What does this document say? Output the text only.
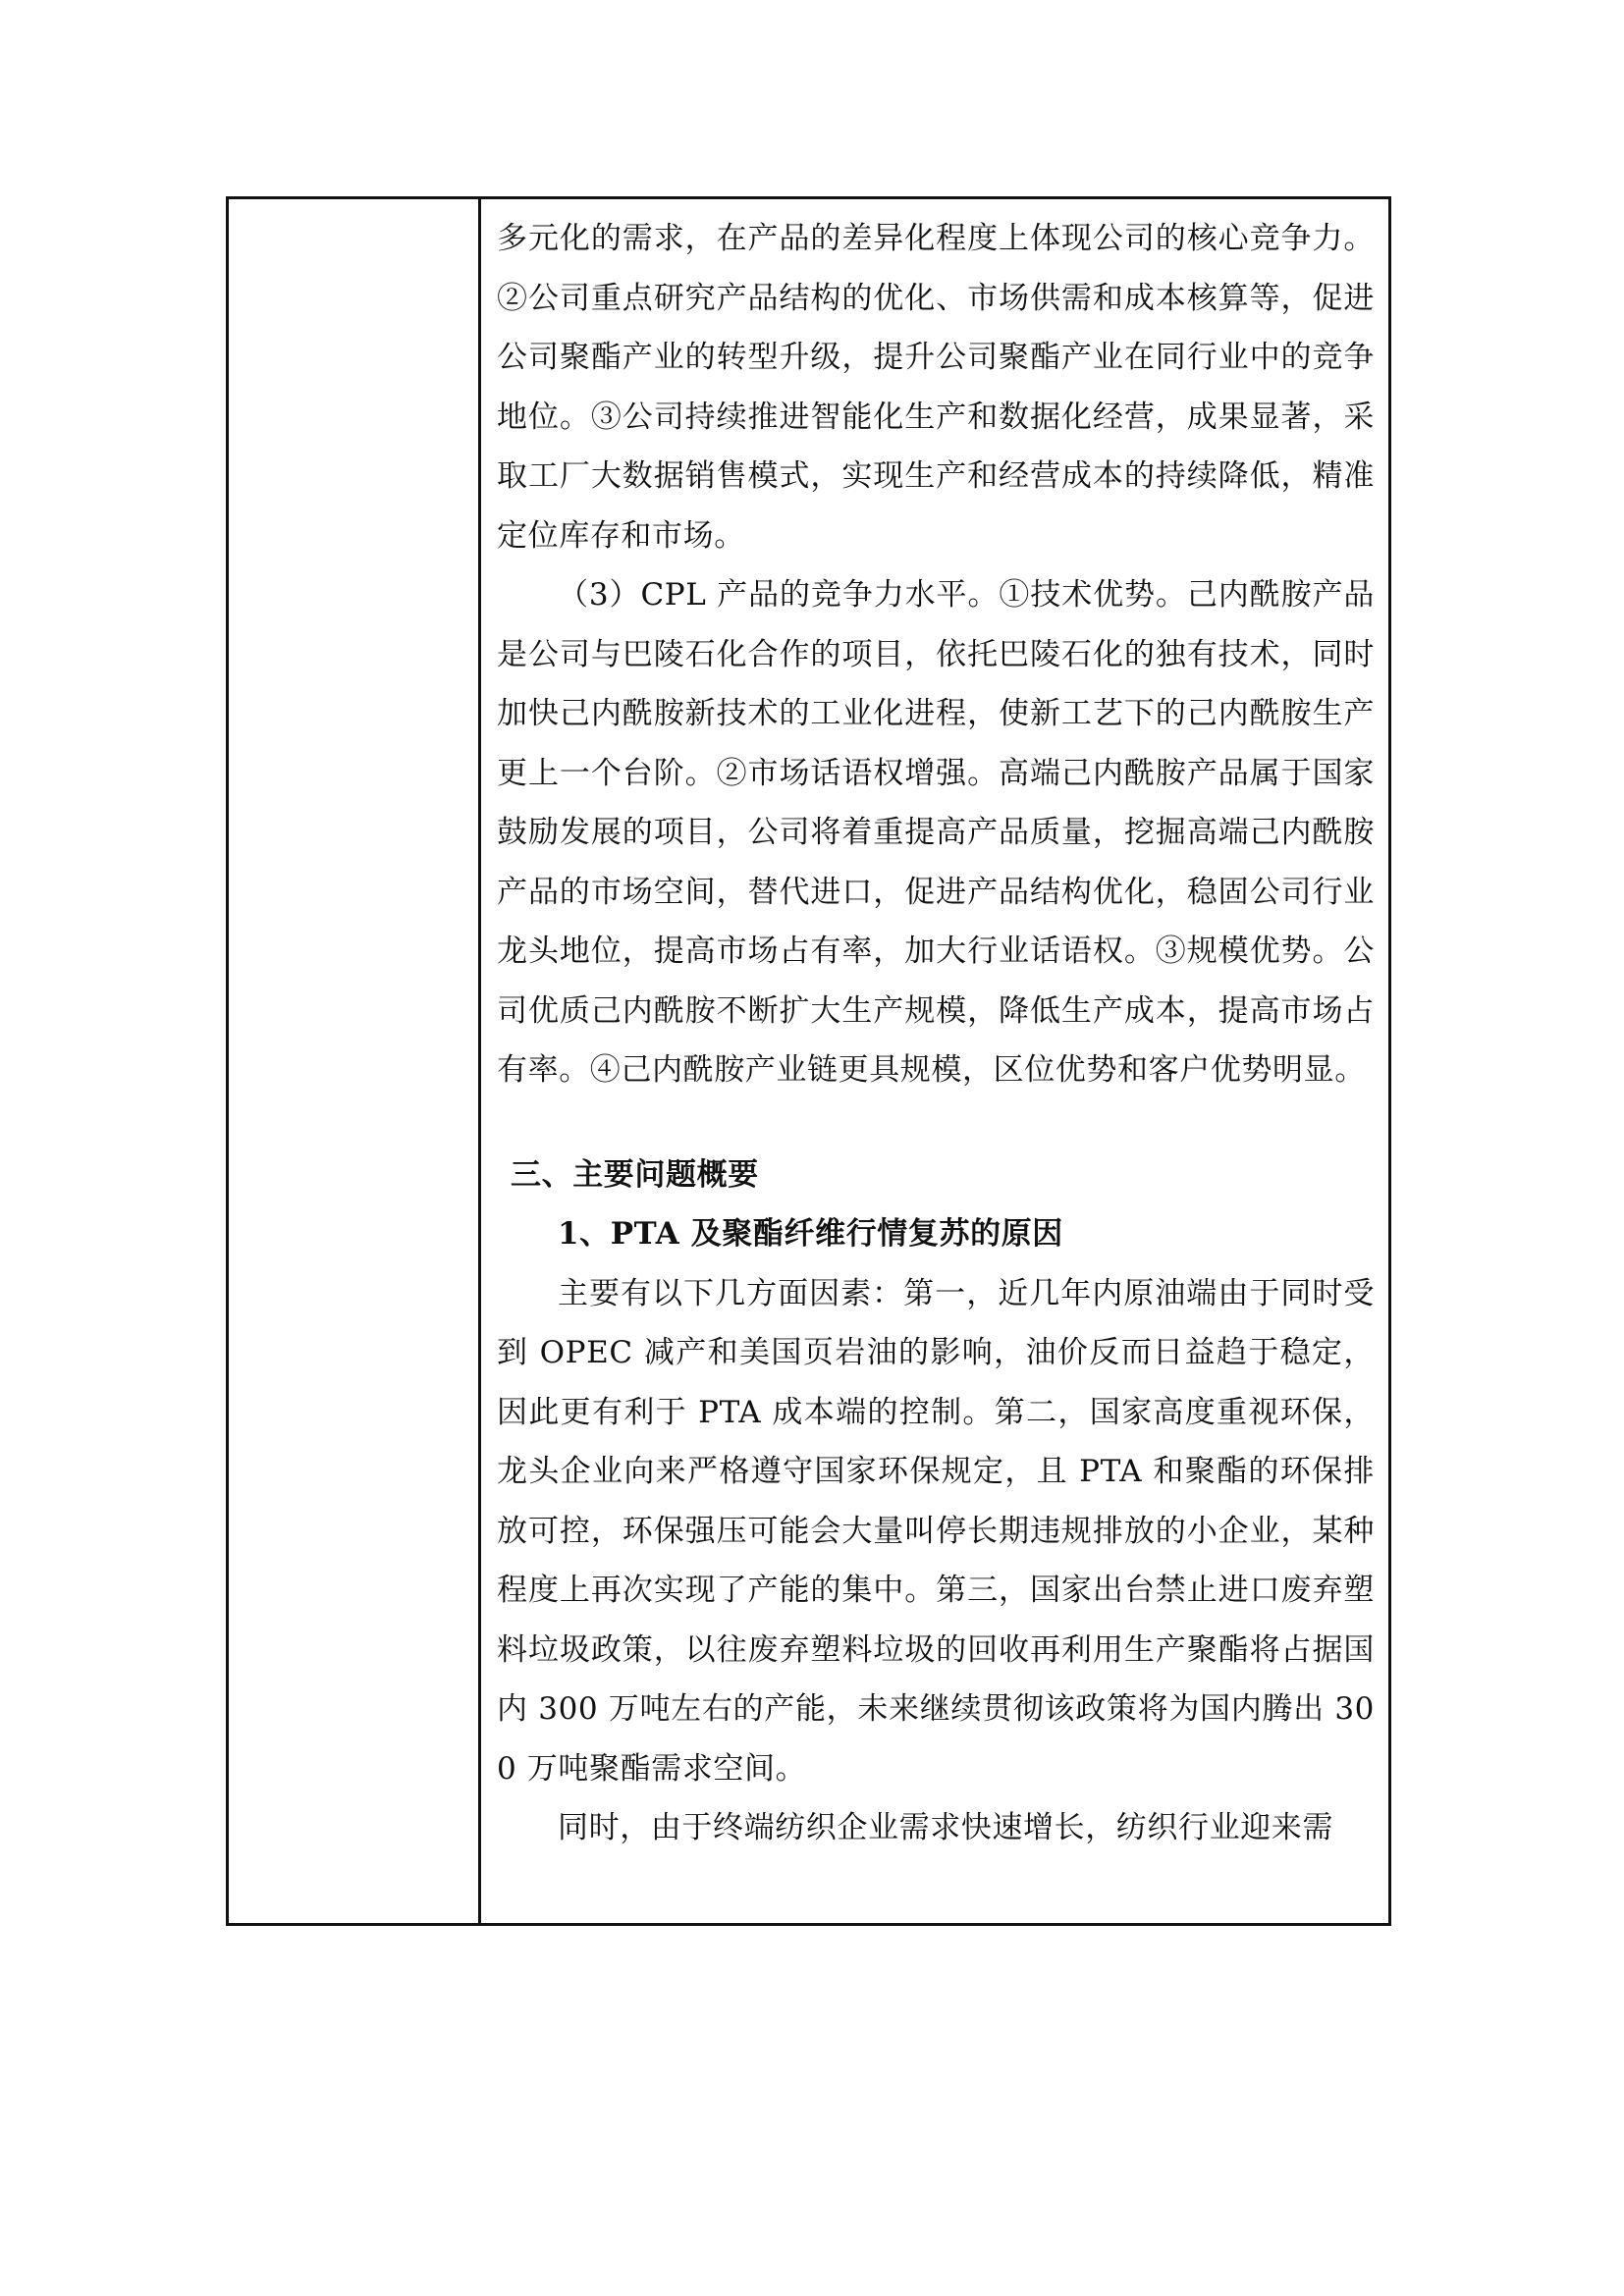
多元化的需求，在产品的差异化程度上体现公司的核心竞争力。②公司重点研究产品结构的优化、市场供需和成本核算等，促进公司聚酯产业的转型升级，提升公司聚酯产业在同行业中的竞争地位。③公司持续推进智能化生产和数据化经营，成果显著，采取工厂大数据销售模式，实现生产和经营成本的持续降低，精准定位库存和市场。

（3）CPL 产品的竞争力水平。①技术优势。己内酰胺产品是公司与巴陵石化合作的项目，依托巴陵石化的独有技术，同时加快己内酰胺新技术的工业化进程，使新工艺下的己内酰胺生产更上一个台阶。②市场话语权增强。高端己内酰胺产品属于国家鼓励发展的项目，公司将着重提高产品质量，挖掘高端己内酰胺产品的市场空间，替代进口，促进产品结构优化，稳固公司行业龙头地位，提高市场占有率，加大行业话语权。③规模优势。公司优质己内酰胺不断扩大生产规模，降低生产成本，提高市场占有率。④己内酰胺产业链更具规模，区位优势和客户优势明显。

三、主要问题概要

1、PTA 及聚酯纤维行情复苏的原因

主要有以下几方面因素：第一，近几年内原油端由于同时受到 OPEC 减产和美国页岩油的影响，油价反而日益趋于稳定，因此更有利于 PTA 成本端的控制。第二，国家高度重视环保，龙头企业向来严格遵守国家环保规定，且 PTA 和聚酯的环保排放可控，环保强压可能会大量叫停长期违规排放的小企业，某种程度上再次实现了产能的集中。第三，国家出台禁止进口废弃塑料垃圾政策，以往废弃塑料垃圾的回收再利用生产聚酯将占据国内 300 万吨左右的产能，未来继续贯彻该政策将为国内腾出 300 万吨聚酯需求空间。

同时，由于终端纺织企业需求快速增长，纺织行业迎来需
